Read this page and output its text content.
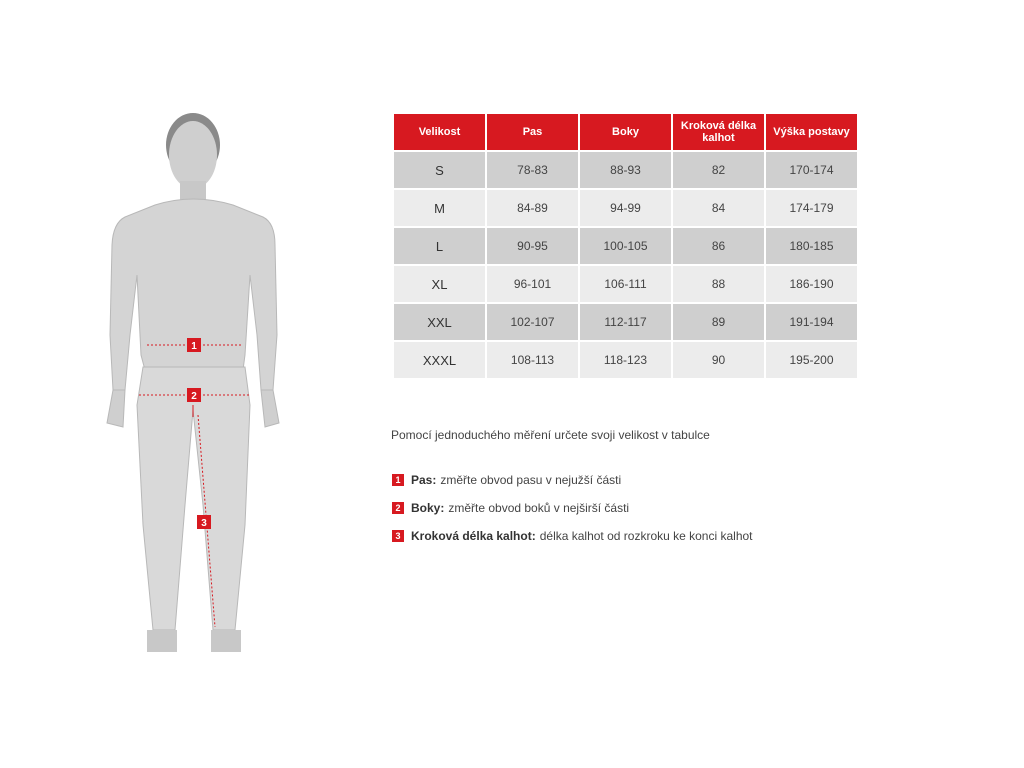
1
2
3
Velikost	Pas	Boky	Kroková délka kalhot	Výška postavy
S	78-83	88-93	82	170-174
M	84-89	94-99	84	174-179
L	90-95	100-105	86	180-185
XL	96-101	106-111	88	186-190
XXL	102-107	112-117	89	191-194
XXXL	108-113	118-123	90	195-200
Pomocí jednoduchého měření určete svoji velikost v tabulce
1 Pas: změřte obvod pasu v nejužší části
2 Boky: změřte obvod boků v nejširší části
3 Kroková délka kalhot: délka kalhot od rozkroku ke konci kalhot
